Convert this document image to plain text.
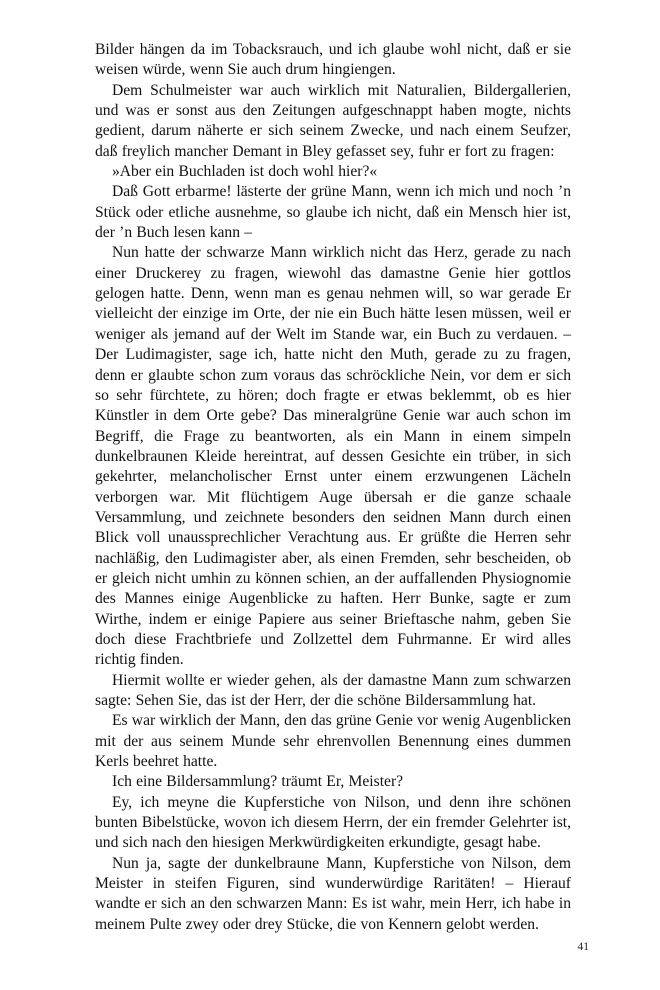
Bilder hängen da im Tobacksrauch, und ich glaube wohl nicht, daß er sie weisen würde, wenn Sie auch drum hingiengen.

Dem Schulmeister war auch wirklich mit Naturalien, Bildergallerien, und was er sonst aus den Zeitungen aufgeschnappt haben mogte, nichts gedient, darum näherte er sich seinem Zwecke, und nach einem Seufzer, daß freylich mancher Demant in Bley gefasset sey, fuhr er fort zu fragen:

»Aber ein Buchladen ist doch wohl hier?«

Daß Gott erbarme! lästerte der grüne Mann, wenn ich mich und noch ’n Stück oder etliche ausnehme, so glaube ich nicht, daß ein Mensch hier ist, der ’n Buch lesen kann –

Nun hatte der schwarze Mann wirklich nicht das Herz, gerade zu nach einer Druckerey zu fragen, wiewohl das damastne Genie hier gottlos gelogen hatte. Denn, wenn man es genau nehmen will, so war gerade Er vielleicht der einzige im Orte, der nie ein Buch hätte lesen müssen, weil er weniger als jemand auf der Welt im Stande war, ein Buch zu verdauen. – Der Ludimagister, sage ich, hatte nicht den Muth, gerade zu zu fragen, denn er glaubte schon zum voraus das schröckliche Nein, vor dem er sich so sehr fürchtete, zu hören; doch fragte er etwas beklemmt, ob es hier Künstler in dem Orte gebe? Das mineralgrüne Genie war auch schon im Begriff, die Frage zu beantworten, als ein Mann in einem simpeln dunkelbraunen Kleide hereintrat, auf dessen Gesichte ein trüber, in sich gekehrter, melancholischer Ernst unter einem erzwungenen Lächeln verborgen war. Mit flüchtigem Auge übersah er die ganze schaale Versammlung, und zeichnete besonders den seidnen Mann durch einen Blick voll unaussprechlicher Verachtung aus. Er grüßte die Herren sehr nachläßig, den Ludimagister aber, als einen Fremden, sehr bescheiden, ob er gleich nicht umhin zu können schien, an der auffallenden Physiognomie des Mannes einige Augenblicke zu haften. Herr Bunke, sagte er zum Wirthe, indem er einige Papiere aus seiner Brieftasche nahm, geben Sie doch diese Frachtbriefe und Zollzettel dem Fuhrmanne. Er wird alles richtig finden.

Hiermit wollte er wieder gehen, als der damastne Mann zum schwarzen sagte: Sehen Sie, das ist der Herr, der die schöne Bildersammlung hat.

Es war wirklich der Mann, den das grüne Genie vor wenig Augenblicken mit der aus seinem Munde sehr ehrenvollen Benennung eines dummen Kerls beehret hatte.

Ich eine Bildersammlung? träumt Er, Meister?

Ey, ich meyne die Kupferstiche von Nilson, und denn ihre schönen bunten Bibelstücke, wovon ich diesem Herrn, der ein fremder Gelehrter ist, und sich nach den hiesigen Merkwürdigkeiten erkundigte, gesagt habe.

Nun ja, sagte der dunkelbraune Mann, Kupferstiche von Nilson, dem Meister in steifen Figuren, sind wunderwürdige Raritäten! – Hierauf wandte er sich an den schwarzen Mann: Es ist wahr, mein Herr, ich habe in meinem Pulte zwey oder drey Stücke, die von Kennern gelobt werden.

41
